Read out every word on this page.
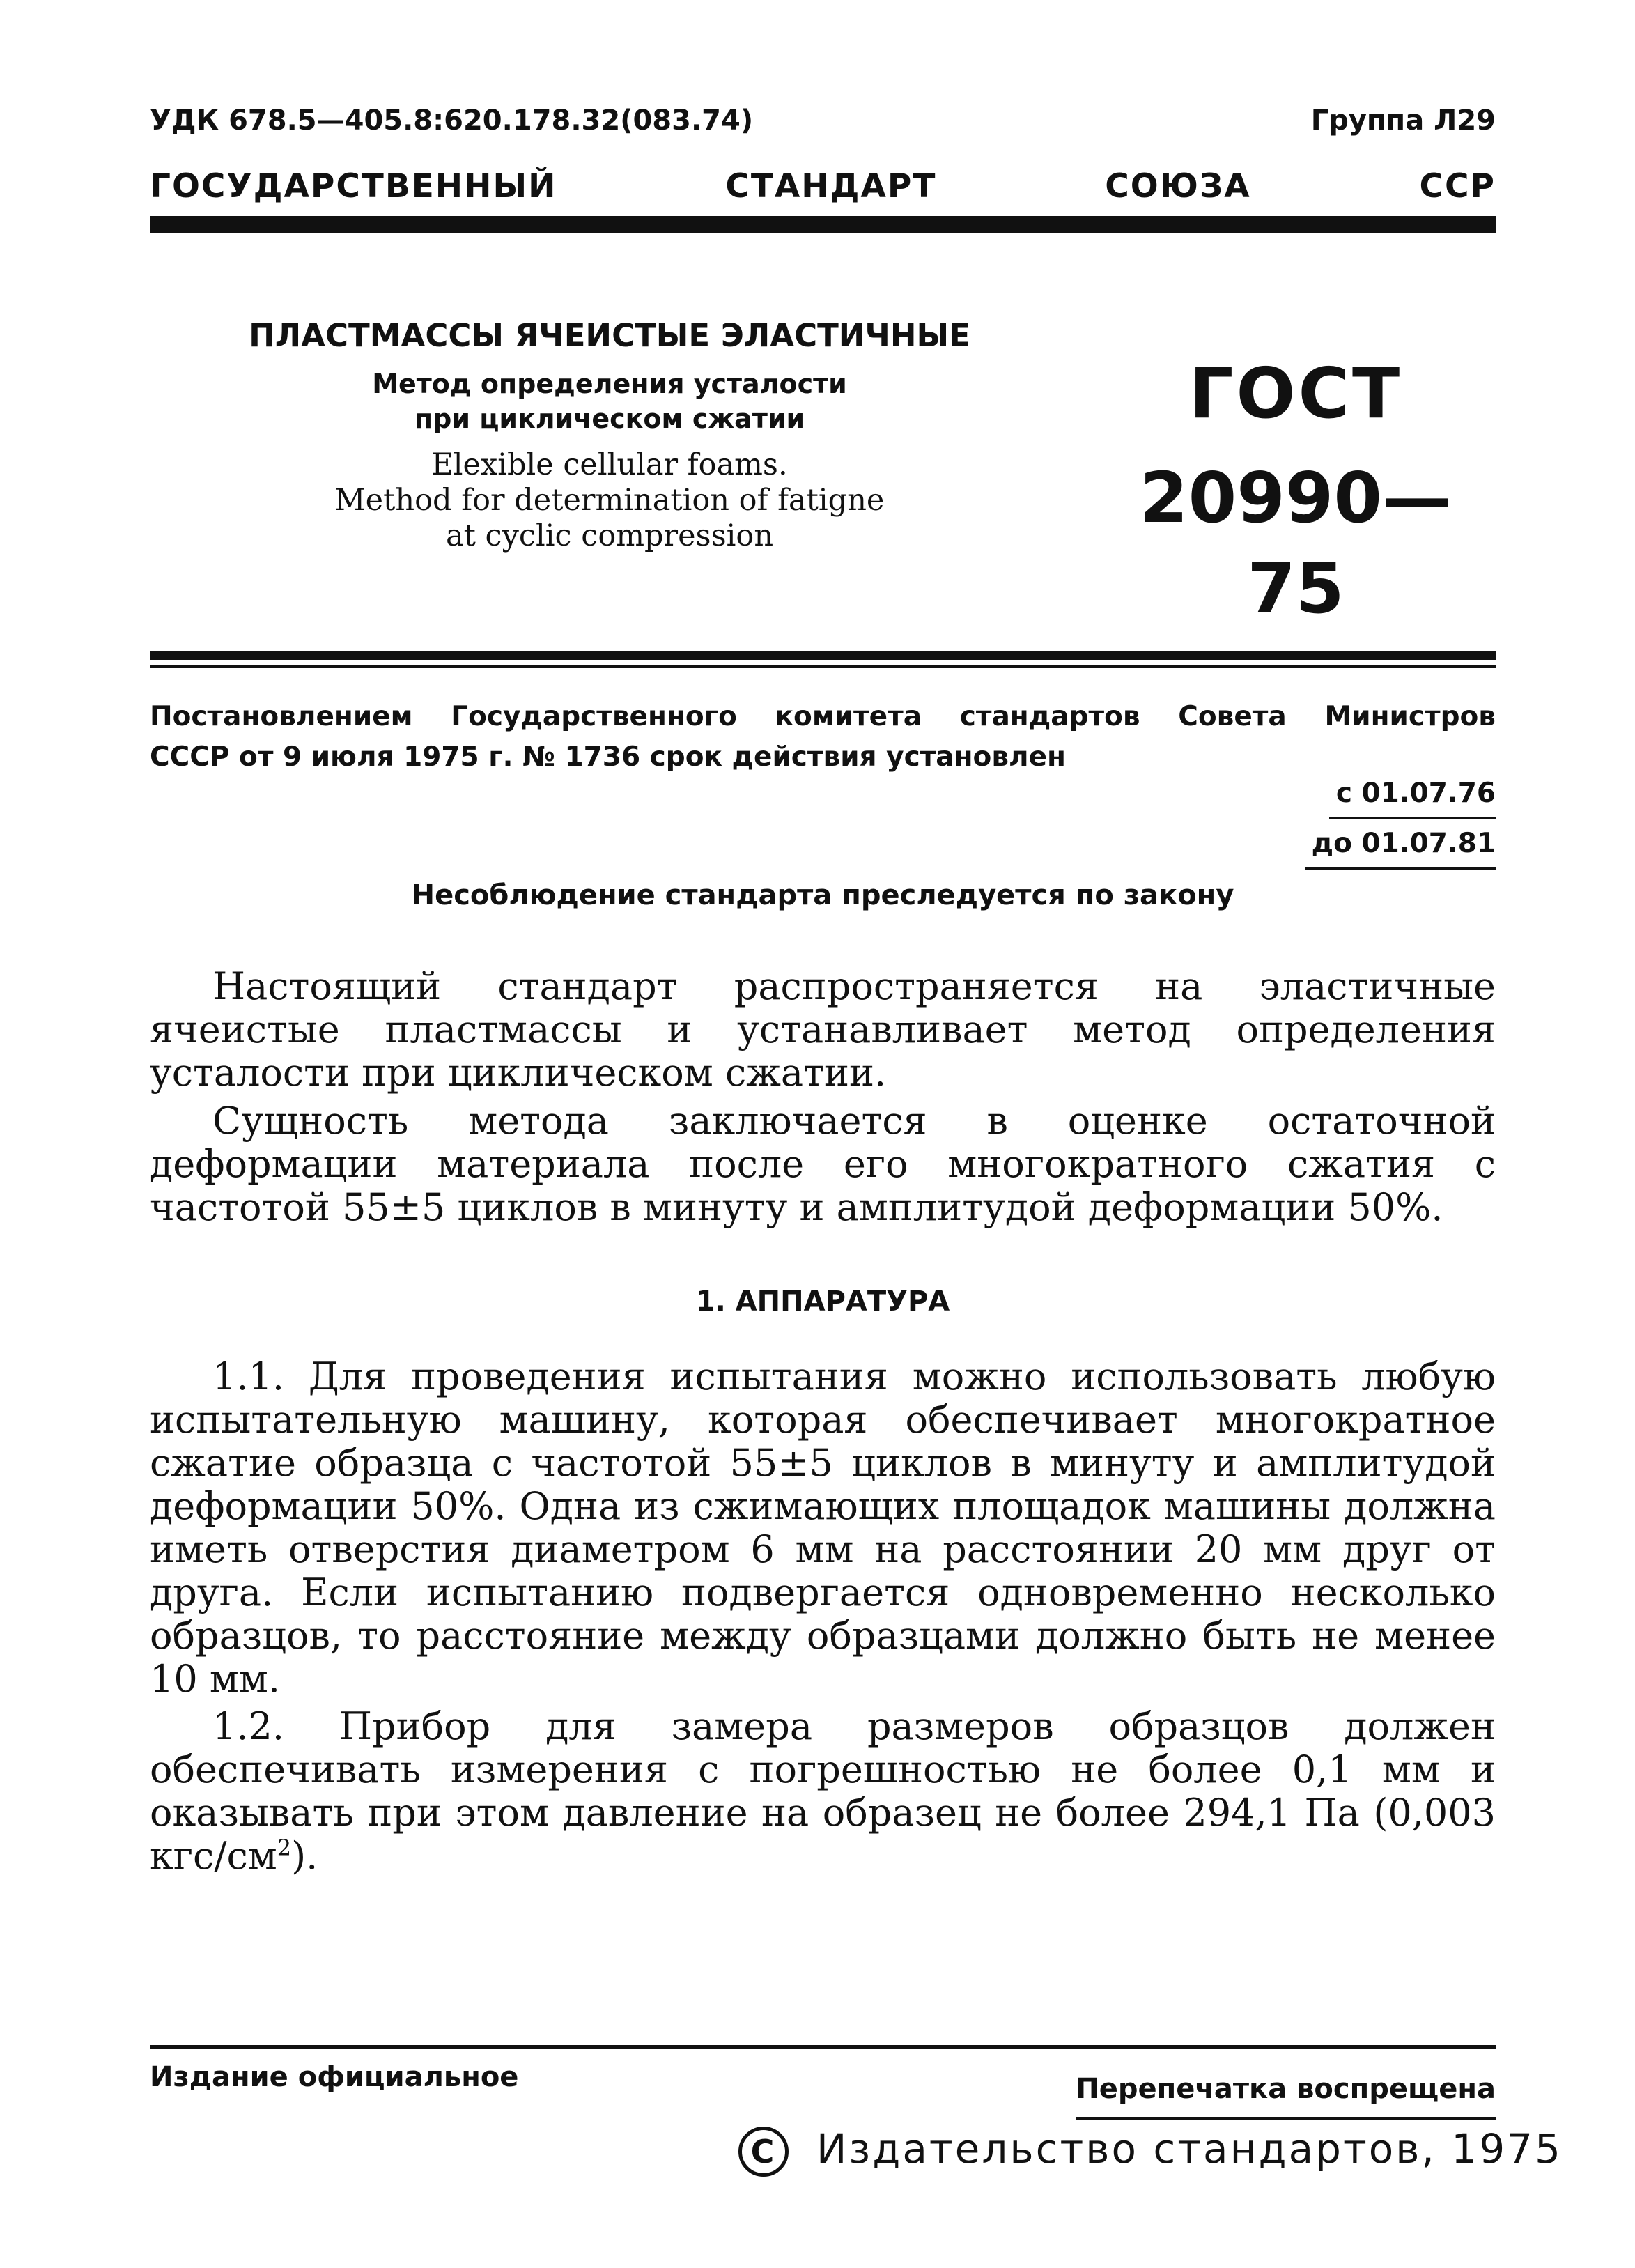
УДК 678.5—405.8:620.178.32(083.74)	Группа Л29
ГОСУДАРСТВЕННЫЙ	СТАНДАРТ	СОЮЗА	ССР
ПЛАСТМАССЫ ЯЧЕИСТЫЕ ЭЛАСТИЧНЫЕ
Метод определения усталости
при циклическом сжатии
Elexible cellular foams.
Method for determination of fatigne
at cyclic compression
ГОСТ
20990—75
Постановлением Государственного комитета стандартов Совета Министров
СССР от 9 июля 1975 г. № 1736 срок действия установлен
с 01.07.76
до 01.07.81
Несоблюдение стандарта преследуется по закону

Настоящий стандарт распространяется на эластичные ячеистые пластмассы и устанавливает метод определения усталости при циклическом сжатии.

Сущность метода заключается в оценке остаточной деформации материала после его многократного сжатия с частотой 55±5 циклов в минуту и амплитудой деформации 50%.

1. АППАРАТУРА

1.1. Для проведения испытания можно использовать любую испытательную машину, которая обеспечивает многократное сжатие образца с частотой 55±5 циклов в минуту и амплитудой деформации 50%. Одна из сжимающих площадок машины должна иметь отверстия диаметром 6 мм на расстоянии 20 мм друг от друга. Если испытанию подвергается одновременно несколько образцов, то расстояние между образцами должно быть не менее 10 мм.

1.2. Прибор для замера размеров образцов должен обеспечивать измерения с погрешностью не более 0,1 мм и оказывать при этом давление на образец не более 294,1 Па (0,003 кгс/$см^2$).

Издание официальное	Перепечатка воспрещена
C Издательство стандартов, 1975
